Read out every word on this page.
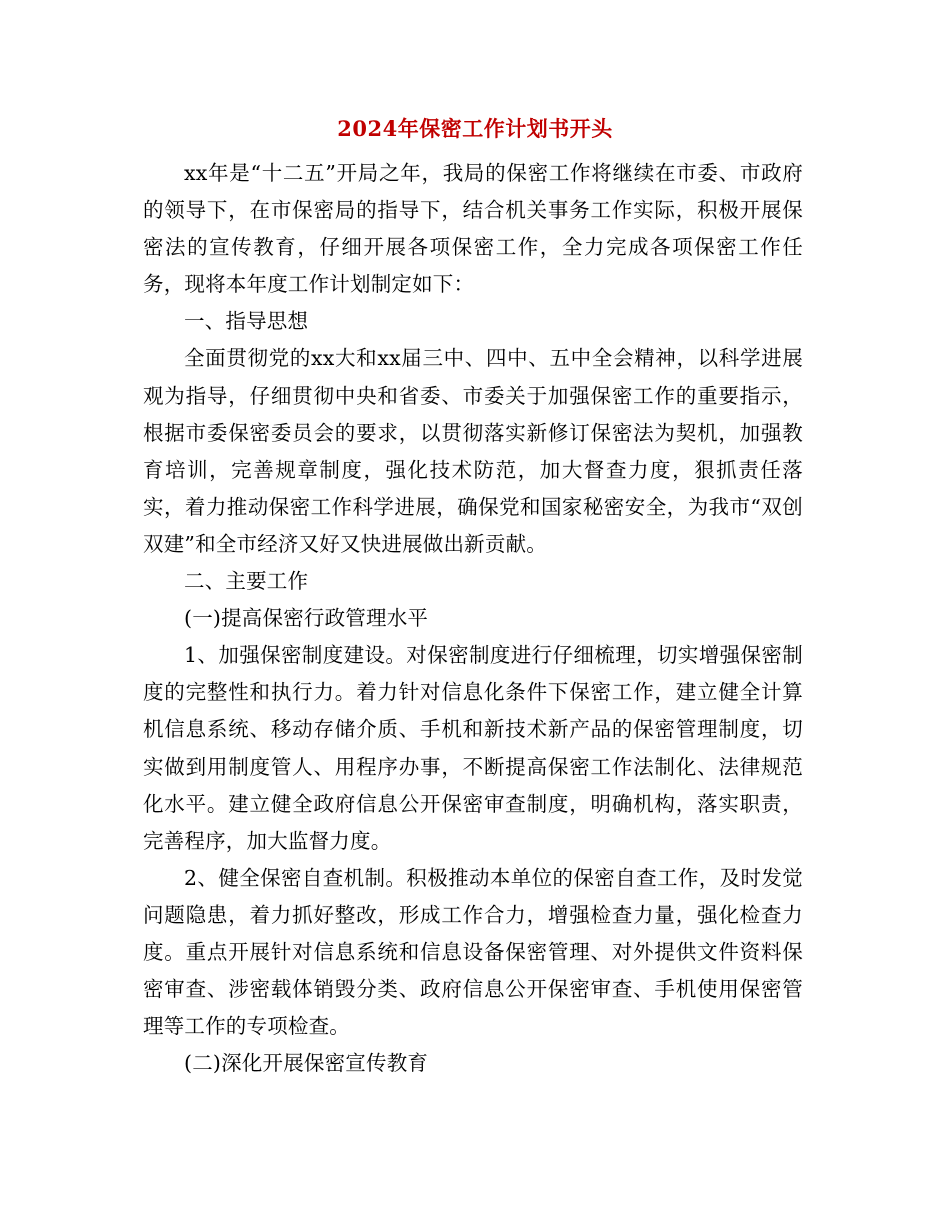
2024年保密工作计划书开头

xx年是“十二五”开局之年，我局的保密工作将继续在市委、市政府的领导下，在市保密局的指导下，结合机关事务工作实际，积极开展保密法的宣传教育，仔细开展各项保密工作，全力完成各项保密工作任务，现将本年度工作计划制定如下：

一、指导思想

全面贯彻党的xx大和xx届三中、四中、五中全会精神，以科学进展观为指导，仔细贯彻中央和省委、市委关于加强保密工作的重要指示，根据市委保密委员会的要求，以贯彻落实新修订保密法为契机，加强教育培训，完善规章制度，强化技术防范，加大督查力度，狠抓责任落实，着力推动保密工作科学进展，确保党和国家秘密安全，为我市“双创双建”和全市经济又好又快进展做出新贡献。

二、主要工作

(一)提高保密行政管理水平

1、加强保密制度建设。对保密制度进行仔细梳理，切实增强保密制度的完整性和执行力。着力针对信息化条件下保密工作，建立健全计算机信息系统、移动存储介质、手机和新技术新产品的保密管理制度，切实做到用制度管人、用程序办事，不断提高保密工作法制化、法律规范化水平。建立健全政府信息公开保密审查制度，明确机构，落实职责，完善程序，加大监督力度。

2、健全保密自查机制。积极推动本单位的保密自查工作，及时发觉问题隐患，着力抓好整改，形成工作合力，增强检查力量，强化检查力度。重点开展针对信息系统和信息设备保密管理、对外提供文件资料保密审查、涉密载体销毁分类、政府信息公开保密审查、手机使用保密管理等工作的专项检查。

(二)深化开展保密宣传教育
